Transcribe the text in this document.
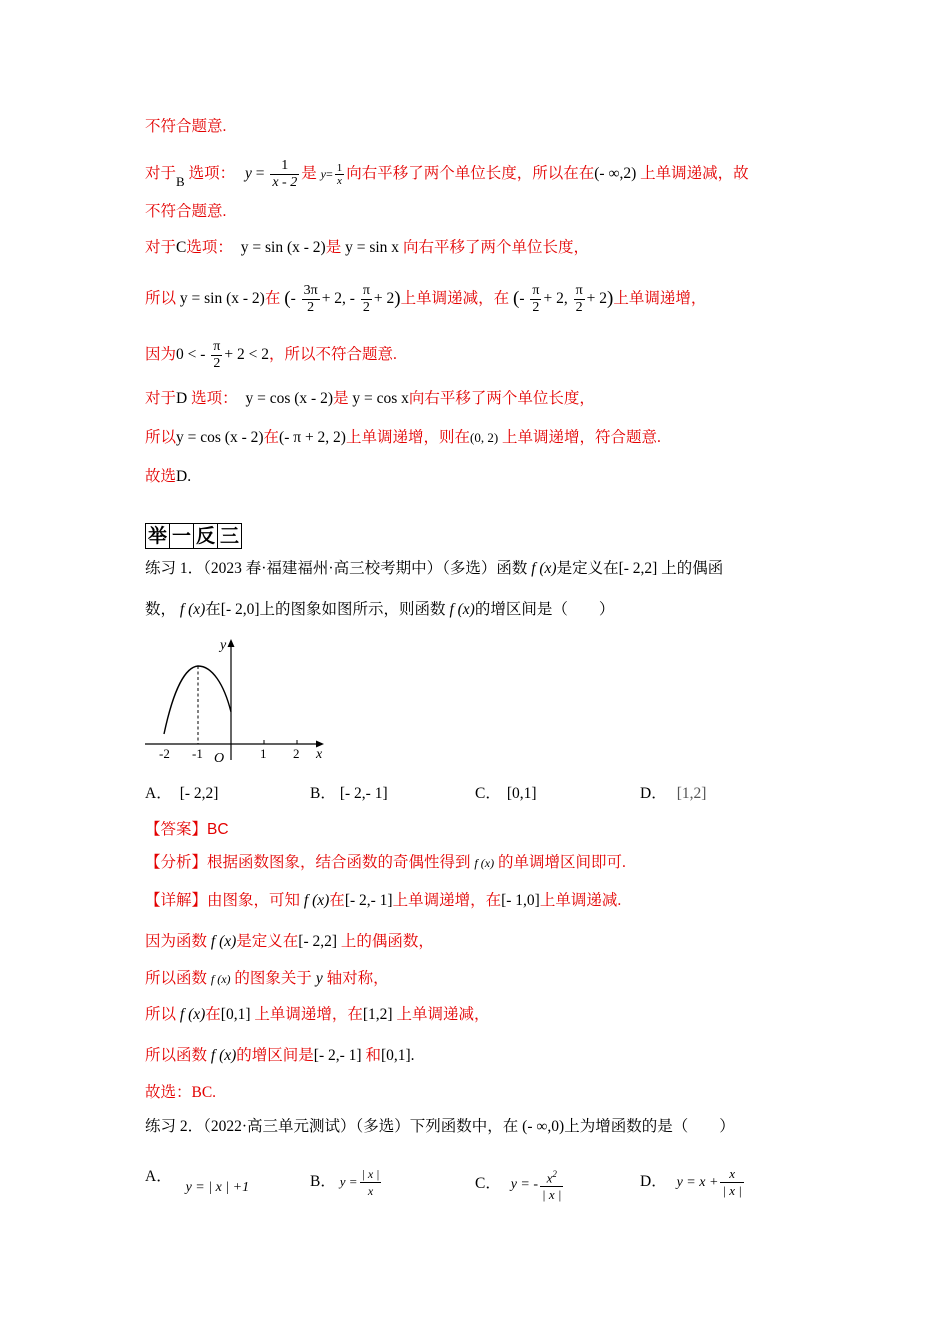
不符合题意.
对于$_B$ 选项： $y = \frac{1}{x - 2}$ 是 $y= \frac{1}{x}$ 向右平移了两个单位长度，所以在在(- ∞,2) 上单调递减，故
不符合题意.
对于C选项： y = sin (x - 2)是 y = sin x 向右平移了两个单位长度，
所以 y = sin (x - 2)在 (- $\frac{3\pi}{2} + 2$, - $\frac{\pi}{2} + 2$)上单调递减，在 (- $\frac{\pi}{2} + 2$, $\frac{\pi}{2} + 2$)上单调递增，
因为0 < - $\frac{\pi}{2} + 2 < 2$，所以不符合题意.
对于D 选项： y = cos (x - 2)是 y = cos x向右平移了两个单位长度，
所以y = cos (x - 2)在(- π + 2, 2)上单调递增，则在(0, 2) 上单调递增，符合题意.
故选D.
举 一 反 三
练习 1．（2023 春·福建福州·高三校考期中）（多选）函数 f (x)是定义在[- 2,2] 上的偶函
数， f (x)在[- 2,0]上的图象如图所示，则函数 f (x)的增区间是（　　）
y
x
O
-2 -1	1 2
A． [- 2,2]	B． [- 2,- 1]	C． [0,1]	D． [1,2]
【答案】BC
【分析】根据函数图象，结合函数的奇偶性得到 f (x) 的单调增区间即可.
【详解】由图象，可知 f (x)在[- 2,- 1]上单调递增，在[- 1,0]上单调递减.
因为函数 f (x)是定义在[- 2,2] 上的偶函数，
所以函数 f (x) 的图象关于 y 轴对称，
所以 f (x)在[0,1] 上单调递增，在[1,2] 上单调递减，
所以函数 f (x)的增区间是[- 2,- 1] 和[0,1].
故选：BC.
练习 2．（2022·高三单元测试）（多选）下列函数中，在 (- ∞,0)上为增函数的是（　　）
A． y = | x | +1	B． $y = \frac{| x |}{x}$	C． y = - $\frac{x^2}{| x |}$	D． $y = x + \frac{x}{| x |}$
